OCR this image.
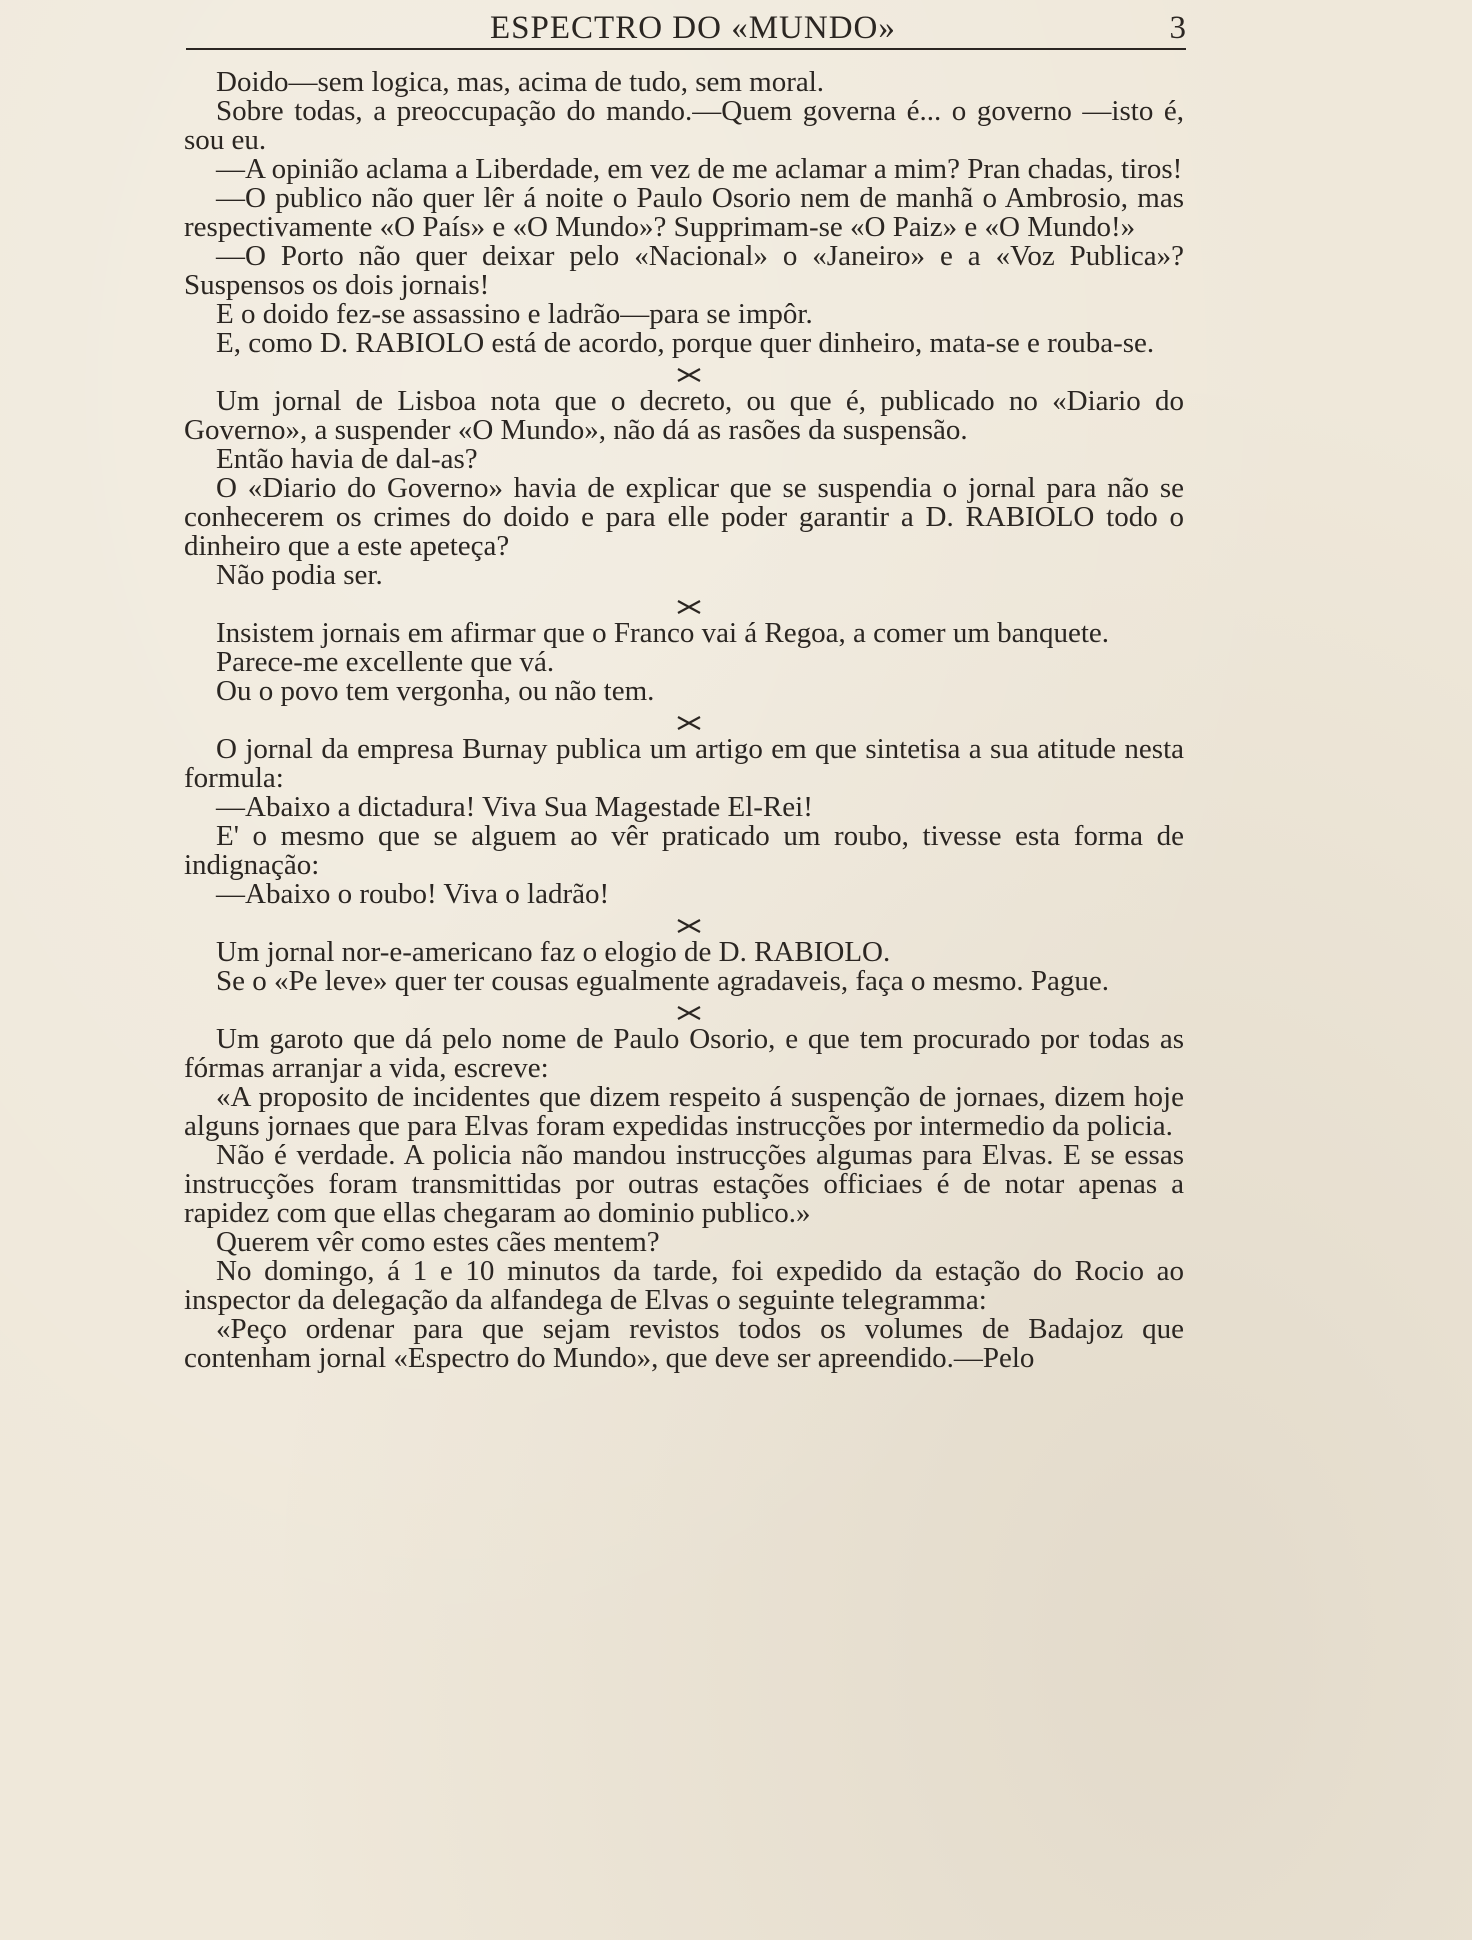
ESPECTRO DO «MUNDO»	3

Doido—sem logica, mas, acima de tudo, sem moral.

Sobre todas, a preoccupação do mando.—Quem governa é... o governo —isto é, sou eu.

—A opinião aclama a Liberdade, em vez de me aclamar a mim? Pran chadas, tiros!

—O publico não quer lêr á noite o Paulo Osorio nem de manhã o Ambrosio, mas respectivamente «O País» e «O Mundo»? Supprimam-se «O Paiz» e «O Mundo!»

—O Porto não quer deixar pelo «Nacional» o «Janeiro» e a «Voz Publica»? Suspensos os dois jornais!

E o doido fez-se assassino e ladrão—para se impôr.

E, como D. RABIOLO está de acordo, porque quer dinheiro, mata-se e rouba-se.

Um jornal de Lisboa nota que o decreto, ou que é, publicado no «Diario do Governo», a suspender «O Mundo», não dá as rasões da suspensão.

Então havia de dal-as?

O «Diario do Governo» havia de explicar que se suspendia o jornal para não se conhecerem os crimes do doido e para elle poder garantir a D. RABIOLO todo o dinheiro que a este apeteça?

Não podia ser.

Insistem jornais em afirmar que o Franco vai á Regoa, a comer um banquete.

Parece-me excellente que vá.

Ou o povo tem vergonha, ou não tem.

O jornal da empresa Burnay publica um artigo em que sintetisa a sua atitude nesta formula:

—Abaixo a dictadura! Viva Sua Magestade El-Rei!

E' o mesmo que se alguem ao vêr praticado um roubo, tivesse esta forma de indignação:

—Abaixo o roubo! Viva o ladrão!

Um jornal nor-e-americano faz o elogio de D. RABIOLO.

Se o «Pe leve» quer ter cousas egualmente agradaveis, faça o mesmo. Pague.

Um garoto que dá pelo nome de Paulo Osorio, e que tem procurado por todas as fórmas arranjar a vida, escreve:

«A proposito de incidentes que dizem respeito á suspenção de jornaes, dizem hoje alguns jornaes que para Elvas foram expedidas instrucções por intermedio da policia.

Não é verdade. A policia não mandou instrucções algumas para Elvas. E se essas instrucções foram transmittidas por outras estações officiaes é de notar apenas a rapidez com que ellas chegaram ao dominio publico.»

Querem vêr como estes cães mentem?

No domingo, á 1 e 10 minutos da tarde, foi expedido da estação do Rocio ao inspector da delegação da alfandega de Elvas o seguinte telegramma:

«Peço ordenar para que sejam revistos todos os volumes de Badajoz que contenham jornal «Espectro do Mundo», que deve ser apreendido.—Pelo
